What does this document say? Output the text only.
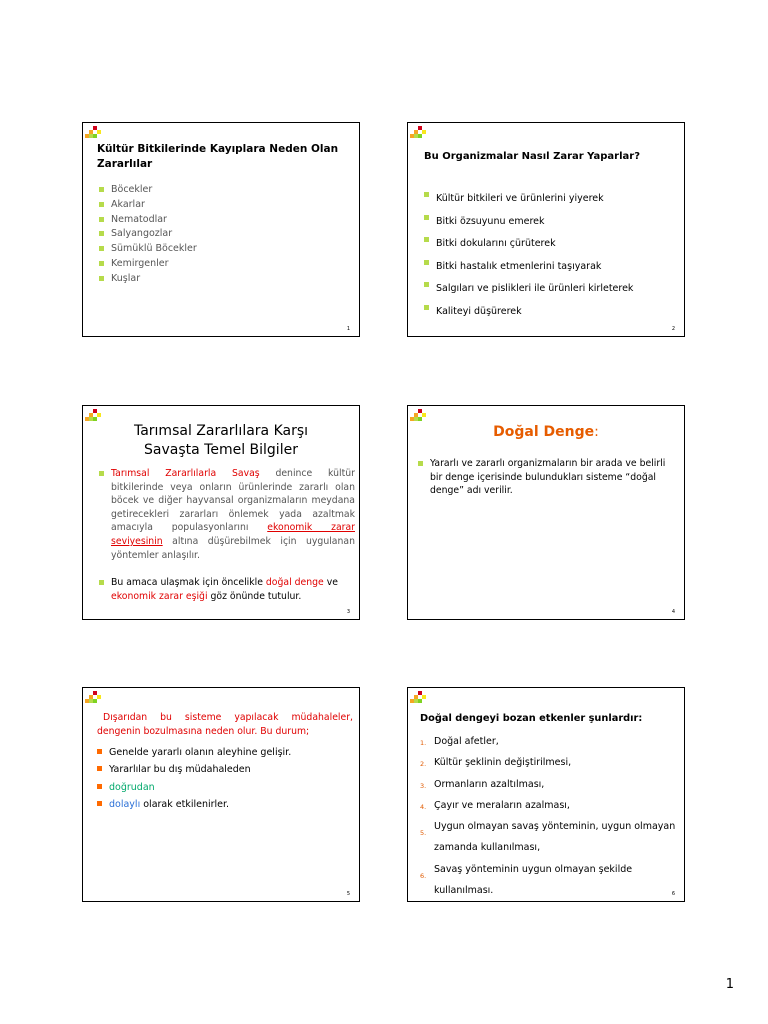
Kültür Bitkilerinde Kayıplara Neden Olan Zararlılar
Böcekler
Akarlar
Nematodlar
Salyangozlar
Sümüklü Böcekler
Kemirgenler
Kuşlar
1
Bu Organizmalar Nasıl Zarar Yaparlar?
Kültür bitkileri ve ürünlerini yiyerek
Bitki özsuyunu emerek
Bitki dokularını çürüterek
Bitki hastalık etmenlerini taşıyarak
Salgıları ve pislikleri ile ürünleri kirleterek
Kaliteyi düşürerek
2
Tarımsal Zararlılara Karşı
Savaşta Temel Bilgiler
Tarımsal Zararlılarla Savaş denince kültür bitkilerinde veya onların ürünlerinde zararlı olan böcek ve diğer hayvansal organizmaların meydana getirecekleri zararları önlemek yada azaltmak amacıyla populasyonlarını ekonomik zarar seviyesinin altına düşürebilmek için uygulanan yöntemler anlaşılır.
Bu amaca ulaşmak için öncelikle doğal denge ve ekonomik zarar eşiği göz önünde tutulur.
3
Doğal Denge:
Yararlı ve zararlı organizmaların bir arada ve belirli bir denge içerisinde bulundukları sisteme “doğal denge” adı verilir.
4
Dışarıdan bu sisteme yapılacak müdahaleler, dengenin bozulmasına neden olur. Bu durum;
Genelde yararlı olanın aleyhine gelişir.
Yararlılar bu dış müdahaleden
doğrudan
dolaylı olarak etkilenirler.
5
Doğal dengeyi bozan etkenler şunlardır:
1. Doğal afetler,
2. Kültür şeklinin değiştirilmesi,
3. Ormanların azaltılması,
4. Çayır ve meraların azalması,
5.
Uygun olmayan savaş yönteminin, uygun olmayan zamanda kullanılması,
6.
Savaş yönteminin uygun olmayan şekilde kullanılması.	6
1
